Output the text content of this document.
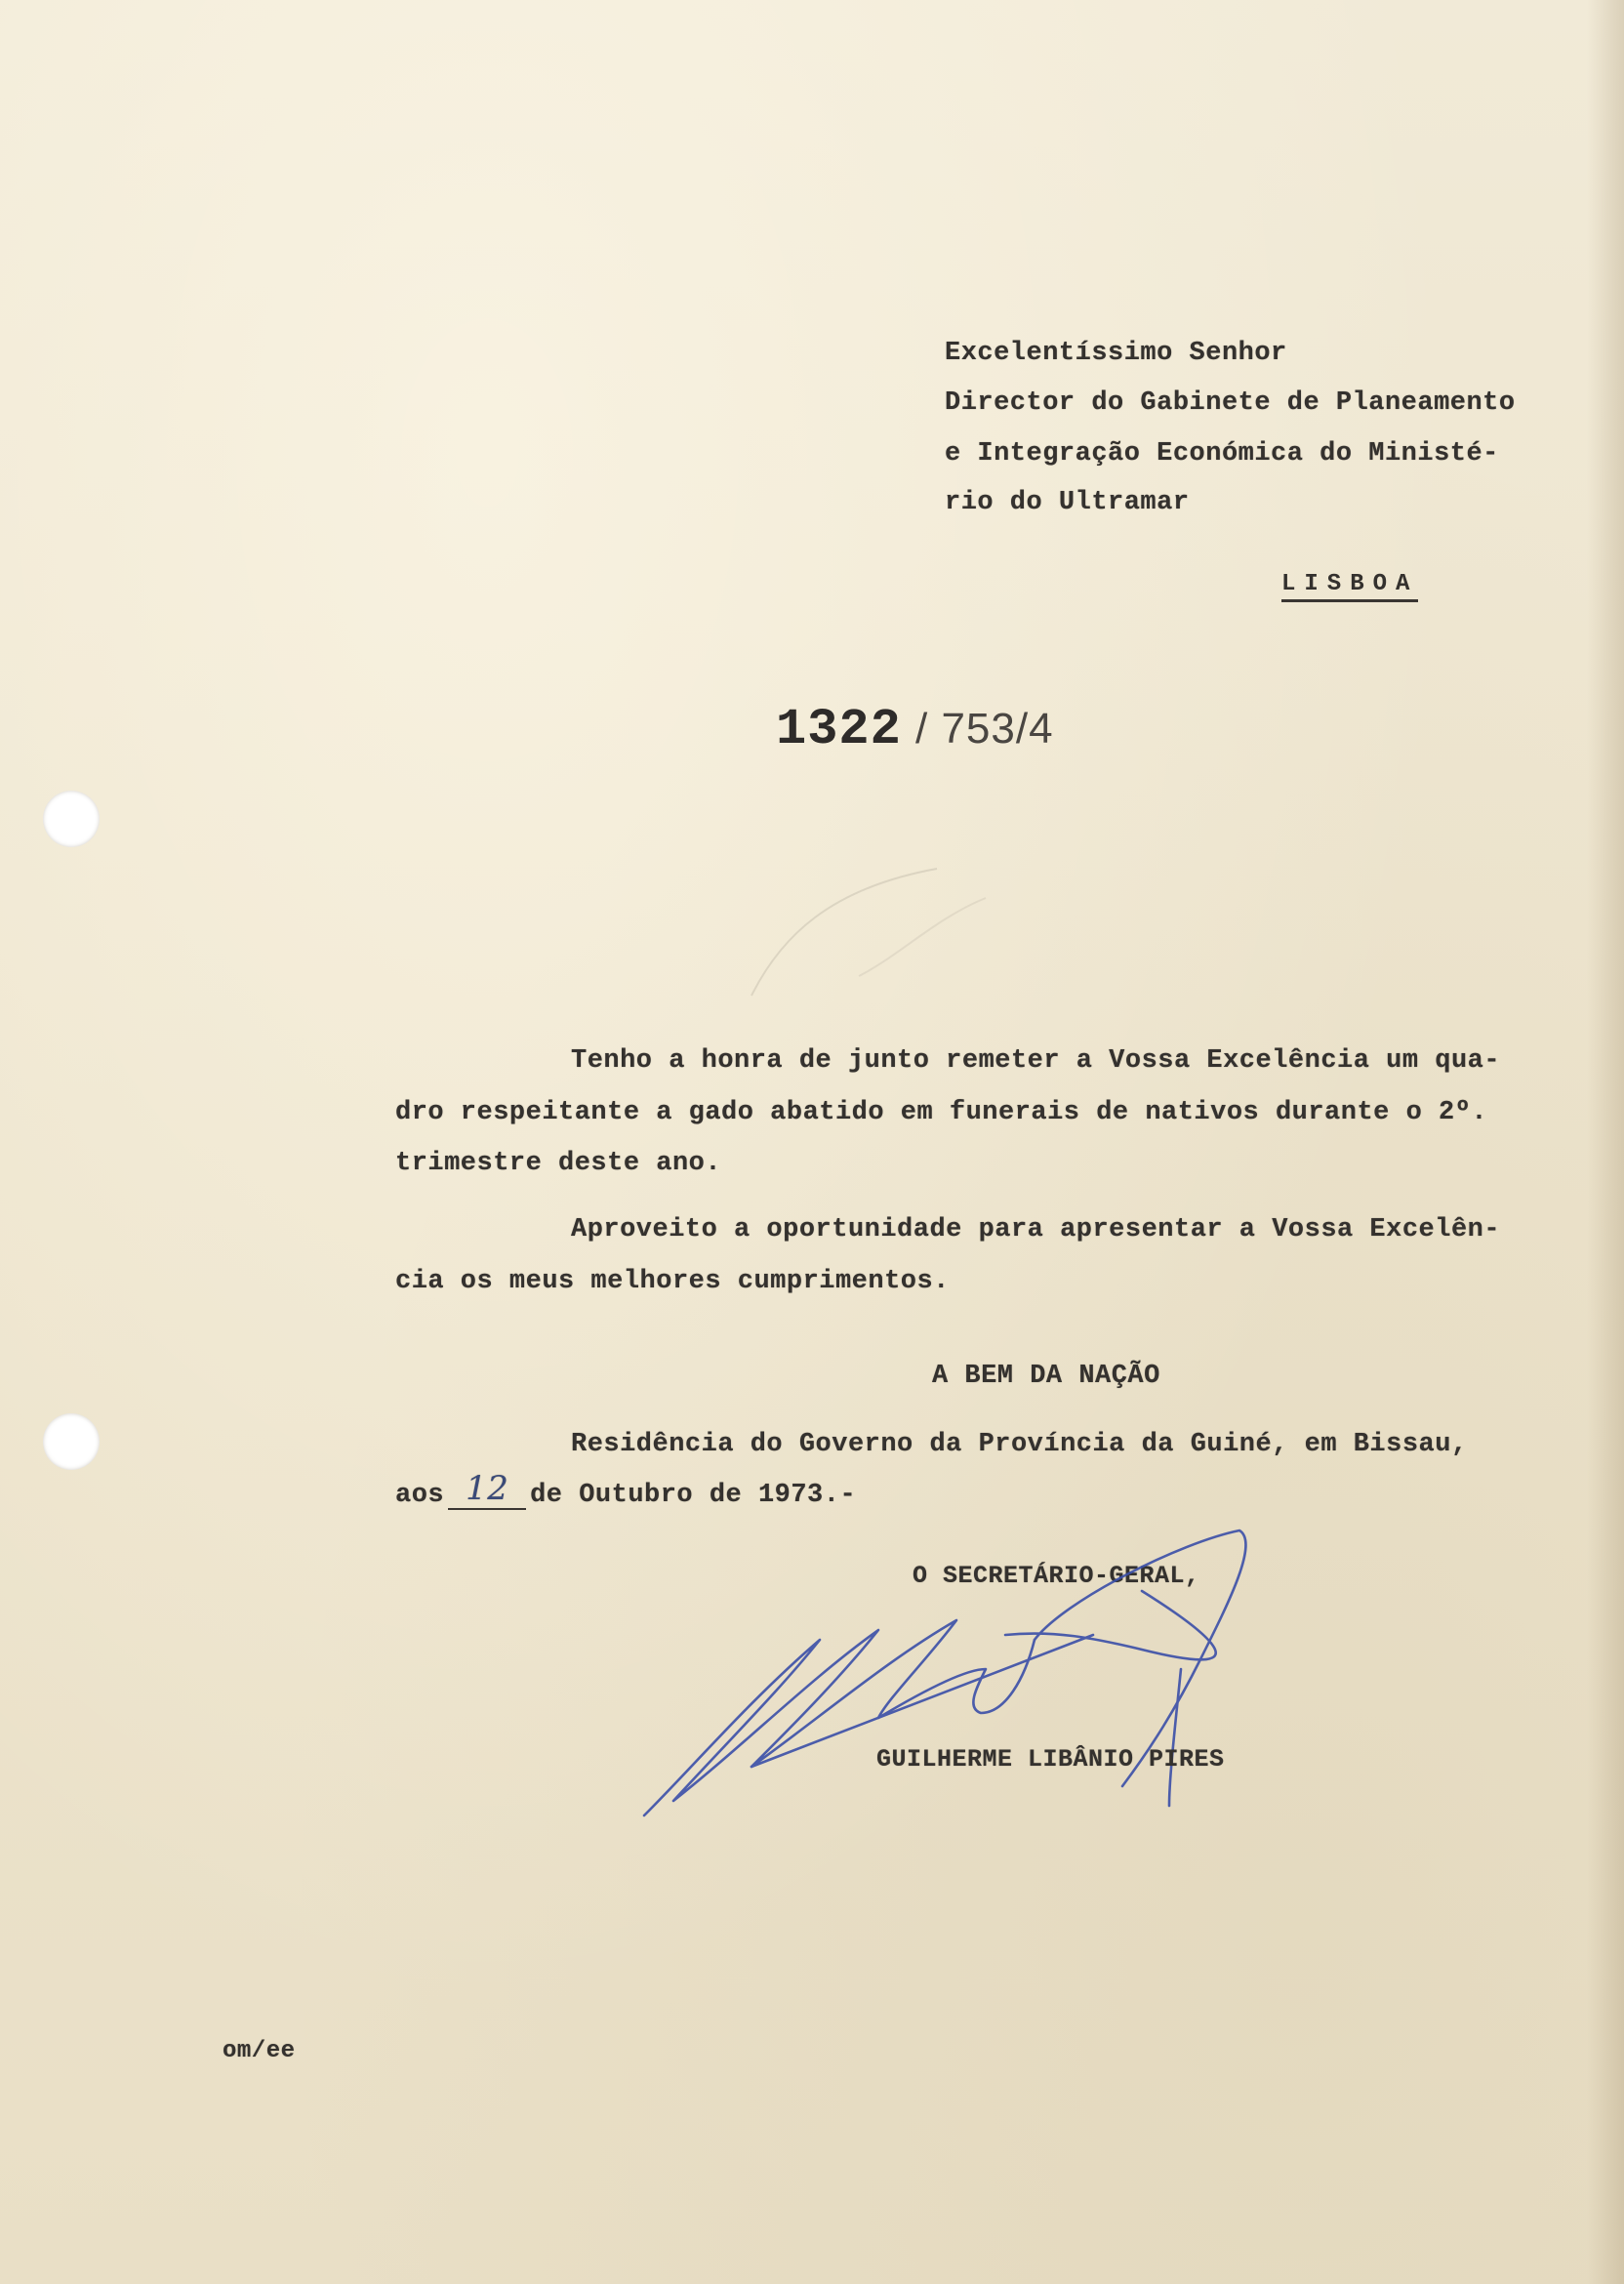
Excelentíssimo Senhor
Director do Gabinete de Planeamento
e Integração Económica do Ministé-
rio do Ultramar
LISBOA
1322 / 753/4
Tenho a honra de junto remeter a Vossa Excelência um qua-
dro respeitante a gado abatido em funerais de nativos durante o 2º.
trimestre deste ano.
Aproveito a oportunidade para apresentar a Vossa Excelên-
cia os meus melhores cumprimentos.
A BEM DA NAÇÃO
Residência do Governo da Província da Guiné, em Bissau,
aos 12 de Outubro de 1973.-
O SECRETÁRIO-GERAL,
GUILHERME LIBÂNIO PIRES
om/ee
